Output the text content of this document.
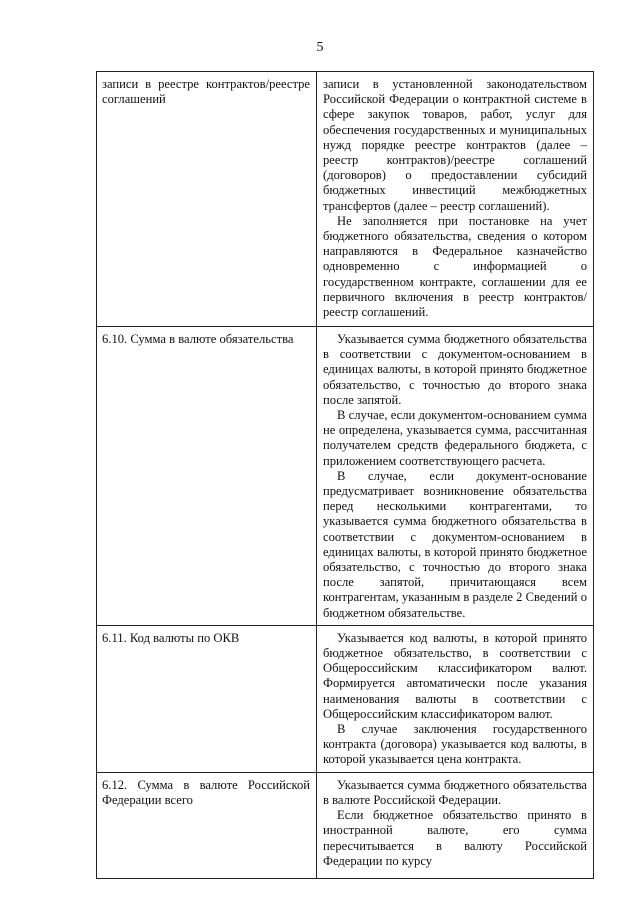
5
записи в реестре контрактов/реестре соглашений	записи в установленной законодательством Российской Федерации о контрактной системе в сфере закупок товаров, работ, услуг для обеспечения государственных и муниципальных нужд порядке реестре контрактов (далее – реестр контрактов)/реестре соглашений (договоров) о предоставлении субсидий бюджетных инвестиций межбюджетных трансфертов (далее – реестр соглашений).

Не заполняется при постановке на учет бюджетного обязательства, сведения о котором направляются в Федеральное казначейство одновременно с информацией о государственном контракте, соглашении для ее первичного включения в реестр контрактов/реестр соглашений.

6.10. Сумма в валюте обязательства	Указывается сумма бюджетного обязательства в соответствии с документом-основанием в единицах валюты, в которой принято бюджетное обязательство, с точностью до второго знака после запятой.

В случае, если документом-основанием сумма не определена, указывается сумма, рассчитанная получателем средств федерального бюджета, с приложением соответствующего расчета.

В случае, если документ-основание предусматривает возникновение обязательства перед несколькими контрагентами, то указывается сумма бюджетного обязательства в соответствии с документом-основанием в единицах валюты, в которой принято бюджетное обязательство, с точностью до второго знака после запятой, причитающаяся всем контрагентам, указанным в разделе 2 Сведений о бюджетном обязательстве.

6.11. Код валюты по ОКВ	Указывается код валюты, в которой принято бюджетное обязательство, в соответствии с Общероссийским классификатором валют. Формируется автоматически после указания наименования валюты в соответствии с Общероссийским классификатором валют.

В случае заключения государственного контракта (договора) указывается код валюты, в которой указывается цена контракта.

6.12. Сумма в валюте Российской Федерации всего	Указывается сумма бюджетного обязательства в валюте Российской Федерации.

Если бюджетное обязательство принято в иностранной валюте, его сумма пересчитывается в валюту Российской Федерации по курсу
